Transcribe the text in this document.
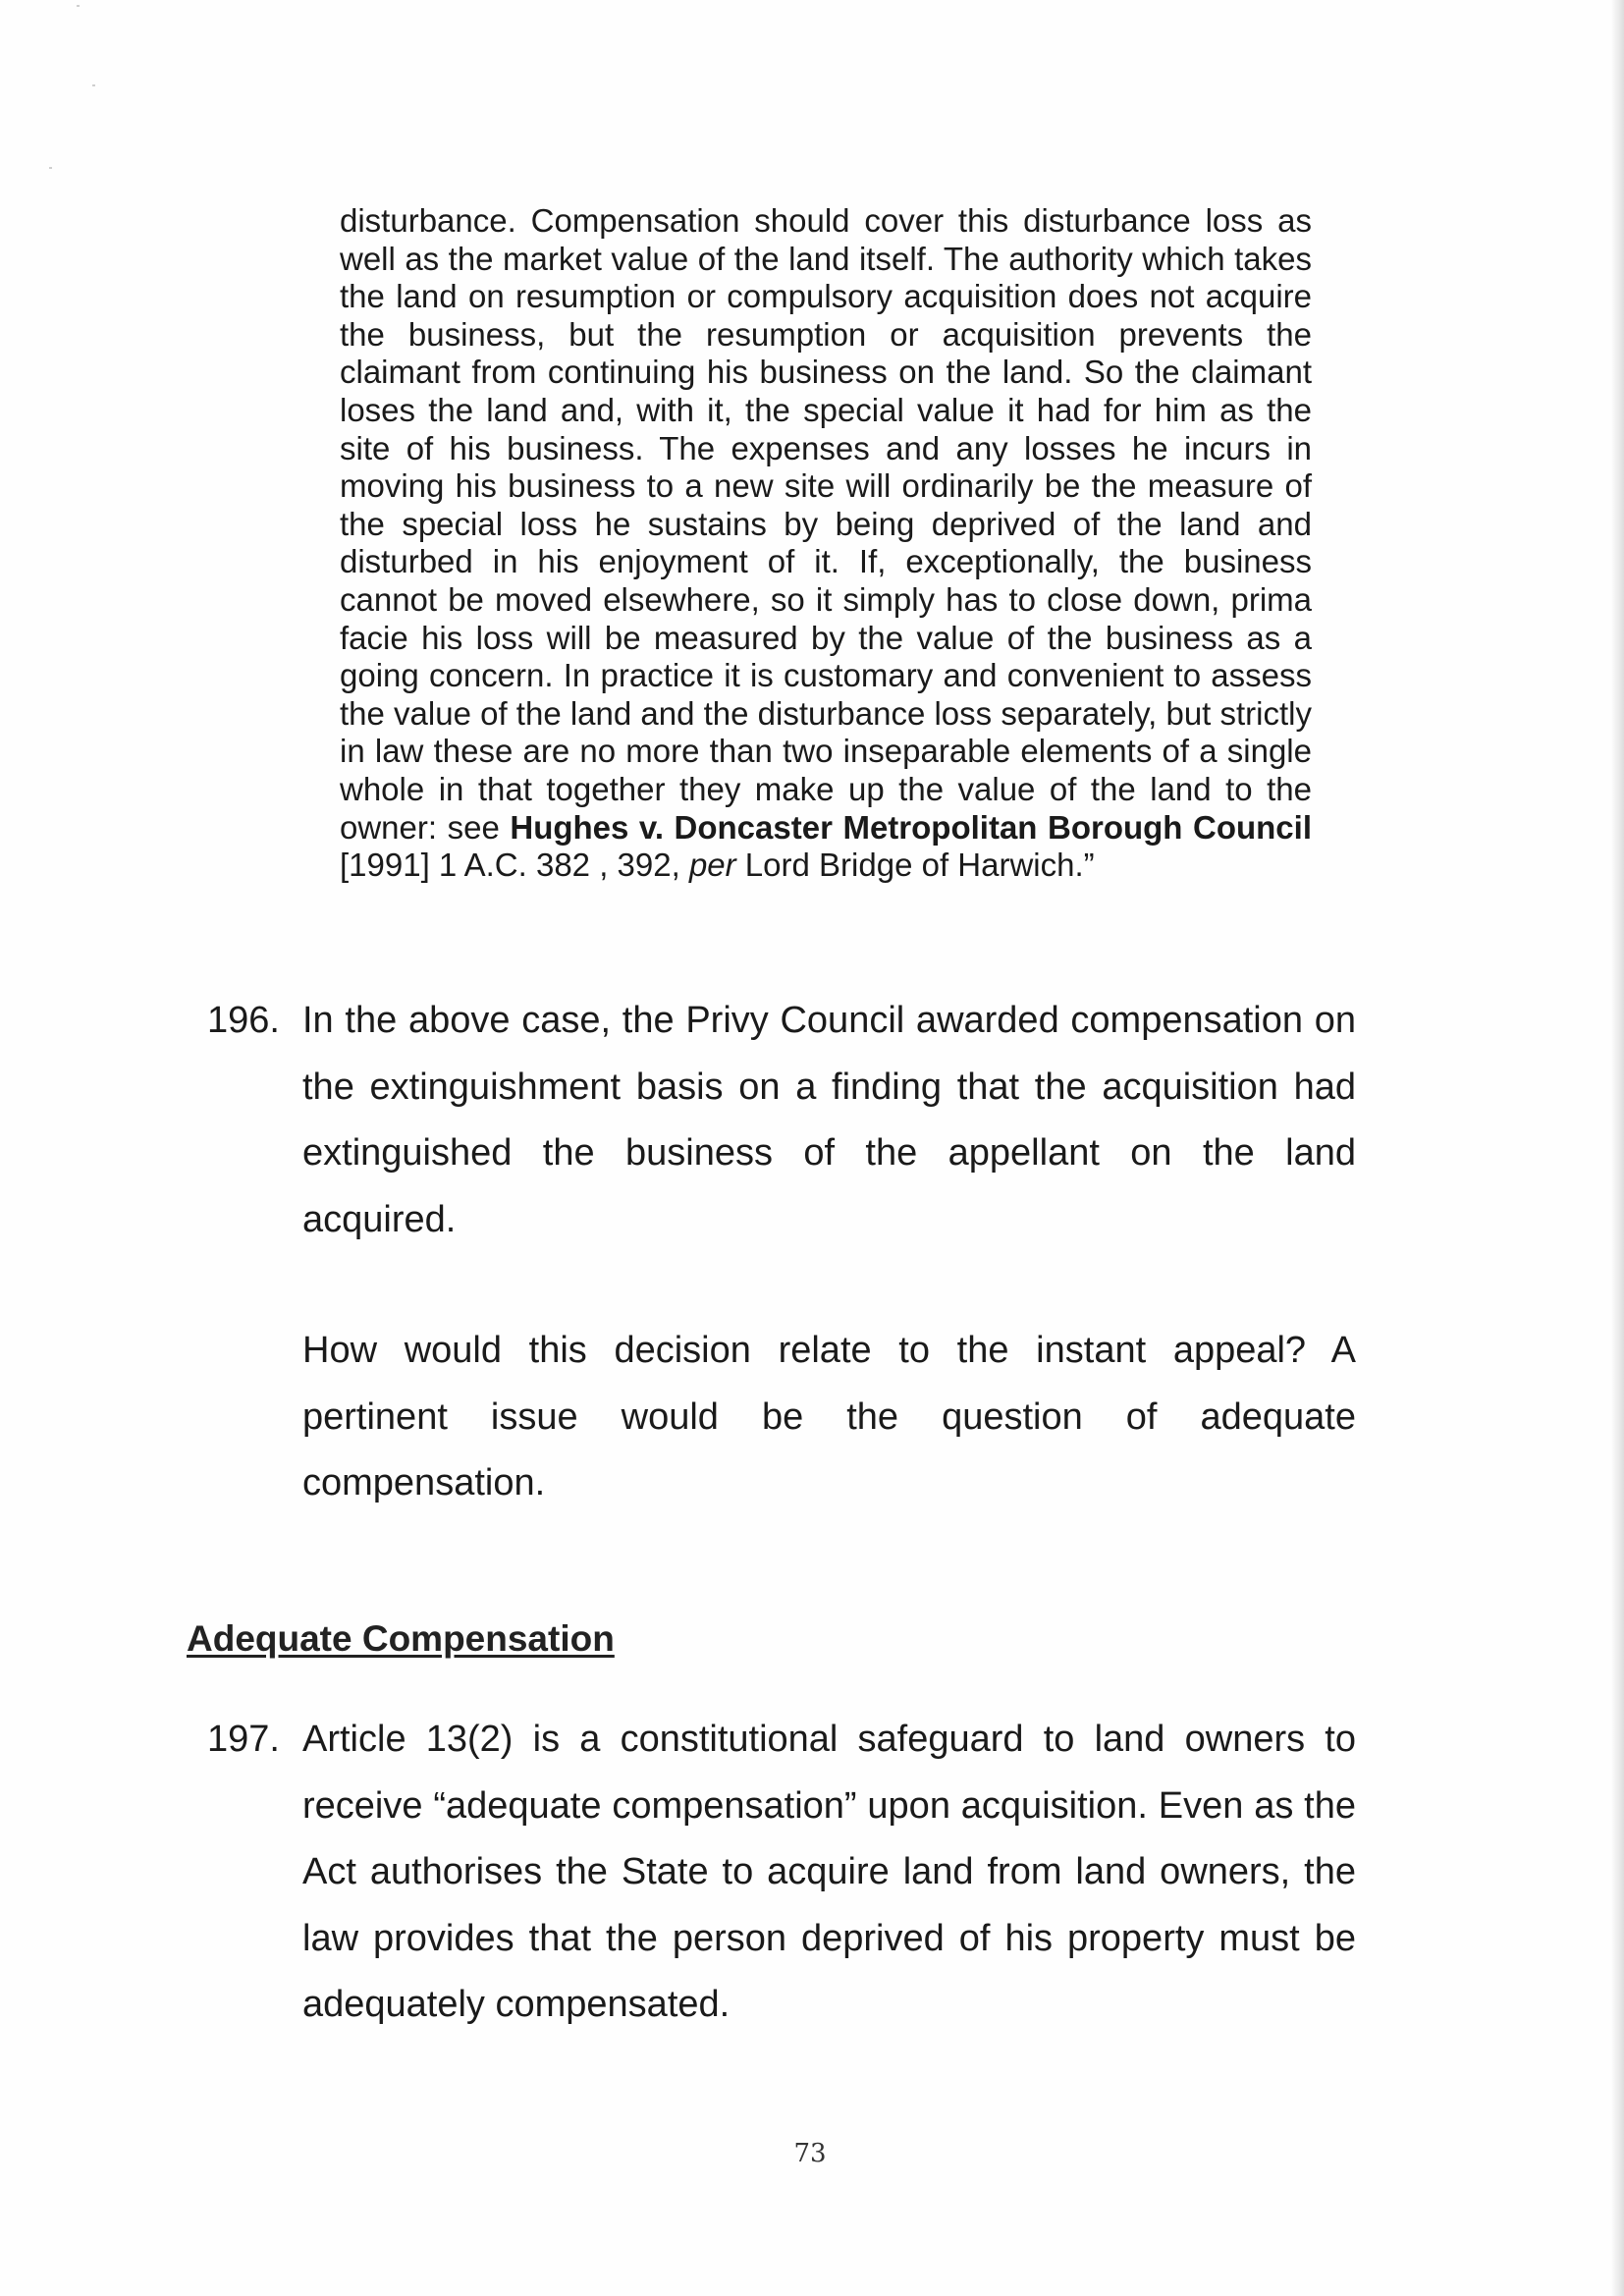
disturbance. Compensation should cover this disturbance loss as well as the market value of the land itself. The authority which takes the land on resumption or compulsory acquisition does not acquire the business, but the resumption or acquisition prevents the claimant from continuing his business on the land. So the claimant loses the land and, with it, the special value it had for him as the site of his business. The expenses and any losses he incurs in moving his business to a new site will ordinarily be the measure of the special loss he sustains by being deprived of the land and disturbed in his enjoyment of it. If, exceptionally, the business cannot be moved elsewhere, so it simply has to close down, prima facie his loss will be measured by the value of the business as a going concern. In practice it is customary and convenient to assess the value of the land and the disturbance loss separately, but strictly in law these are no more than two inseparable elements of a single whole in that together they make up the value of the land to the owner: see Hughes v. Doncaster Metropolitan Borough Council [1991] 1 A.C. 382 , 392, per Lord Bridge of Harwich.”

196. In the above case, the Privy Council awarded compensation on the extinguishment basis on a finding that the acquisition had extinguished the business of the appellant on the land acquired.
How would this decision relate to the instant appeal? A pertinent issue would be the question of adequate compensation.
Adequate Compensation
197. Article 13(2) is a constitutional safeguard to land owners to receive “adequate compensation” upon acquisition. Even as the Act authorises the State to acquire land from land owners, the law provides that the person deprived of his property must be adequately compensated.
73
